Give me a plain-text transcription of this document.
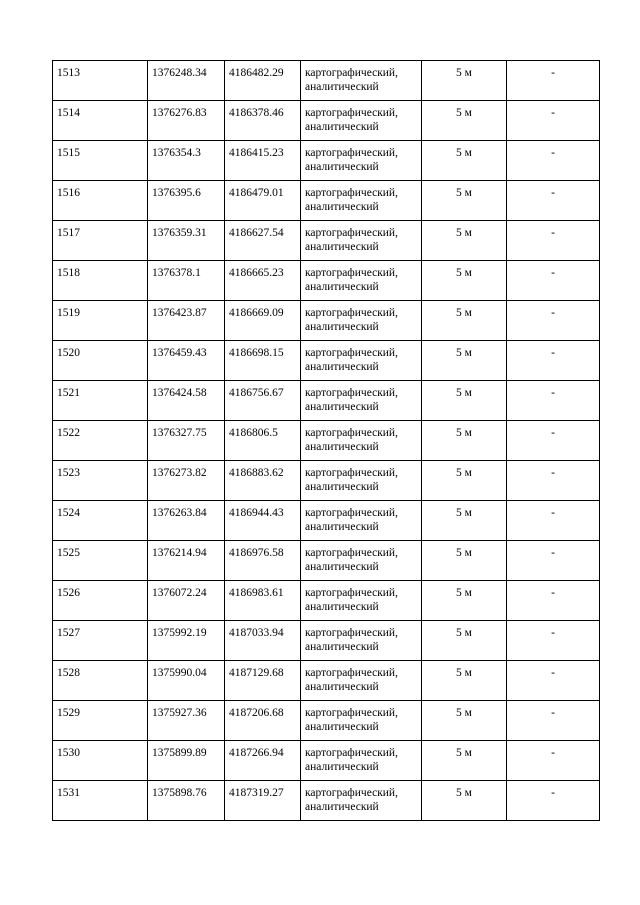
1513	1376248.34	4186482.29	картографический,
аналитический	5 м	-
1514	1376276.83	4186378.46	картографический,
аналитический	5 м	-
1515	1376354.3	4186415.23	картографический,
аналитический	5 м	-
1516	1376395.6	4186479.01	картографический,
аналитический	5 м	-
1517	1376359.31	4186627.54	картографический,
аналитический	5 м	-
1518	1376378.1	4186665.23	картографический,
аналитический	5 м	-
1519	1376423.87	4186669.09	картографический,
аналитический	5 м	-
1520	1376459.43	4186698.15	картографический,
аналитический	5 м	-
1521	1376424.58	4186756.67	картографический,
аналитический	5 м	-
1522	1376327.75	4186806.5	картографический,
аналитический	5 м	-
1523	1376273.82	4186883.62	картографический,
аналитический	5 м	-
1524	1376263.84	4186944.43	картографический,
аналитический	5 м	-
1525	1376214.94	4186976.58	картографический,
аналитический	5 м	-
1526	1376072.24	4186983.61	картографический,
аналитический	5 м	-
1527	1375992.19	4187033.94	картографический,
аналитический	5 м	-
1528	1375990.04	4187129.68	картографический,
аналитический	5 м	-
1529	1375927.36	4187206.68	картографический,
аналитический	5 м	-
1530	1375899.89	4187266.94	картографический,
аналитический	5 м	-
1531	1375898.76	4187319.27	картографический,
аналитический	5 м	-
